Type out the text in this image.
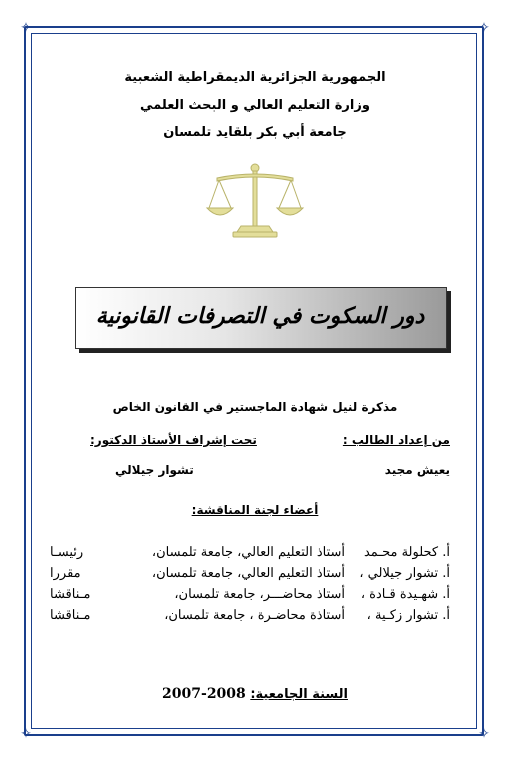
✧	✧
✧	✧
الجمهورية الجزائرية الديمقراطية الشعبية
وزارة التعليم العالي و البحث العلمي
جامعة أبي بكر بلقايد تلمسان
دور السكوت في التصرفات القانونية
مذكرة لنيل شهادة الماجستير في القانون الخاص
من إعداد الطالب :
تحت إشراف الأستاذ الدكتور:
يعيش مجيد
تشوار جيلالي
أعضاء لجنة المناقشة:
أ. كحلولة محـمد
أستاذ التعليم العالي، جامعة تلمسان،
رئيسـا
أ. تشوار جيلالي ،
أستاذ التعليم العالي، جامعة تلمسان،
مقررا
أ. شهـيدة قـادة ،
أستاذ محاضـــر، جامعة تلمسان،
مـناقشا
أ. تشوار زكـية ،
أستاذة محاضـرة ، جامعة تلمسان،
مـناقشا
السنة الجامعية: 2008-2007
